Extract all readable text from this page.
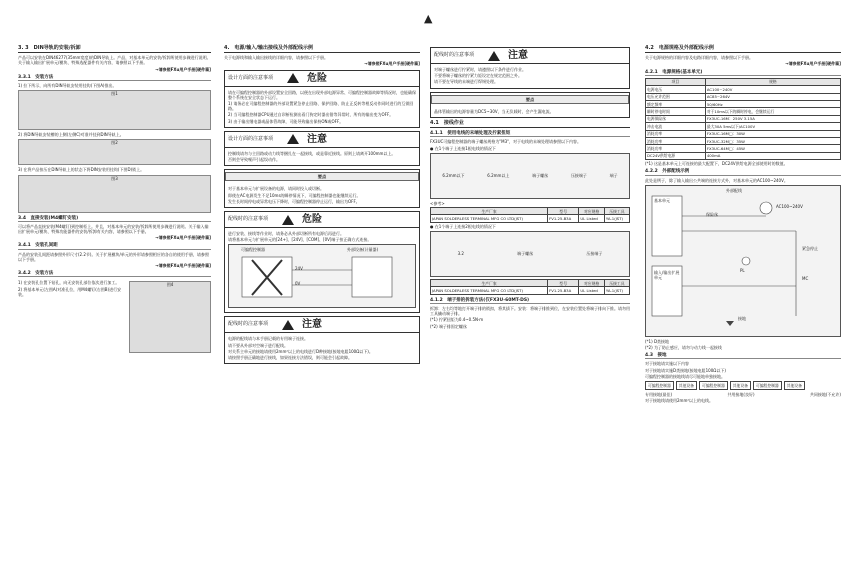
▲
3. 3　DIN导轨的安装/拆卸
产品可以安装在DIN46277(35mm宽度)的DIN导轨上。产品，对基本单元的安装/拆卸所使用步骤进行说明。关于输入输出扩展单元/模块、特殊选配器件有关内容，请参照以下手册。
→请参照FXu用户手册[硬件篇]
3.3.1　安装方法
1) 拉下所示，向所有DIN导轨安装用挂钩(下图A)推出。
图1
2) 将DIN导轨安装槽的上侧(左侧C)对准并挂到DIN导轨上。
图2
3) 在将产品按压在DIN导轨上的状态下将DIN安装用挂钩(下图D)锁上。
图3
3.4　直接安装(M4螺钉安装)
可以将产品直接安装(M4螺钉)到控制柜上。并且，对基本单元的安装/拆卸所使用步骤进行说明。关于输入输出扩展单元/模块、特殊功能器件的安装/拆卸有关内容，请参照以下手册。
→请参照FXu用户手册[硬件篇]
3.4.1　安装孔间距
产品的安装孔间距请参照外形尺寸(2.2节)。关于扩展模块/单元的外形请参照相应的各自的使用手册，请参照以下手册。
→请参照FXu用户手册[硬件篇]
3.4.2　安装方法
1) 在安装孔位置下钻孔，向无安装孔部位依次进行加工。
2) 将基本单元(左图A)对准孔位，用M4螺钉(右图B)进行安装。
图4
4.　电源/输入/输出接线及外部配线示例
关于电源线和输入输出接线的详细内容，请参照以下手册。
→请参照FXu用户手册[硬件篇]
设计方面的注意事项	危险
请在可编程控制器的外部设置安全回路，以便在出现外部电源异常、可编程控制器故障等情况时，也能确保整个系统在安全状态下运行。
1) 请务必在可编程控制器的外部设置紧急停止回路、保护回路、防止正反转等相反动作同时进行的互锁回路。
2) 当可编程控制器CPU通过自诊断检测出看门狗定时器出错等异常时，所有的输出变为OFF。
3) 由于输出继电器或晶体管故障，可能导致输出保持ON或OFF。
设计方面的注意事项	注意
控制线请勿与主回路或动力线等捆扎在一起接线，或是靠近接线。原则上请离开100mm以上。
否则会导致噪声引起误动作。
要点
对于基本单元与扩展设备的电源，请同时投入或切断。
即使在AC电源发生不足10ms的瞬停情况下，可编程控制器也能继续运行。
发生长时间停电或异常电压下降时，可编程控制器停止运行，输出为OFF。
配线时的注意事项	危险
进行安装、接线等作业时，请务必从外部切断所有电源后再进行。
请将基本单元与扩展单元的[24+]、[24V]、[COM]、[0V]端子按正确方式连接。
可编程控制器	外部设备(计量器)
24V
0V
配线时的注意事项	注意
电源的配线请与本手册记载的专用端子连接。
请不要从外部对空端子进行配线。
对关系主单元的接地请使用2mm²以上的电线进行D种接地(接地电阻100Ω以下)。
请按照手册正确地进行接线，如果连接方法错误，则可能会引起故障。
配线时的注意事项	注意
对端子螺丝进行拧紧时，请遵照以下条件进行作业。
不要将端子螺丝的拧紧力矩设定在规定范围之外。
请不要在导线的末端进行焊锡处理。
要点
晶体管输出的电源容量为DC5~30V，当无负载时，会产生漏电流。
4.1　接线作业
4.1.1　使用电线的末端处理及拧紧扭矩
FX3UC可编程控制器的端子螺丝规格为"M3"，对于电线的末端处理请参照以下内容。
● 在1个端子上连接1根电线的情况下
6.2mm以下	6.2mm以上	端子螺丝	压接端子	端子
<参考>
生产厂家	型号	对应规格	压接工具
JAPAN SOLDERLESS TERMINAL MFG CO LTD(JST)	FV1.25-B3A	UL Listed	YA-1(JST)
● 在1个端子上连接2根电线的情况下
3.2	端子螺丝	压接端子
生产厂家	型号	对应规格	压接工具
JAPAN SOLDERLESS TERMINAL MFG CO LTD(JST)	FV1.25-B3A	UL Listed	YA-1(JST)
4.1.2　端子排的拆装方法(仅FX3U-60MT-DS)
拆卸：左右均等地打开端子排的锁扣，将其拔下。安装：将端子排推到位，在安装位置处将端子排向下推。请勿用工具撬动端子排。
(*1) 拧紧扭矩为0.4~0.5N·m
(*2) 端子排固定螺丝
4.2　电源规格及外部配线示例
关于电源规格的详细内容及电路详细内容，请参照以下手册。
→请参照FXu用户手册[硬件篇]
4.2.1　电源规格(基本单元)
项目	规格
电源电压	AC100~240V
电压允许范围	AC85~264V
额定频率	50/60Hz
瞬时停电时间	对于10ms以下的瞬时停电，会继续运行
电源保险丝	FX3UC-16M：250V 3.15A
冲击电流	最大30A 5ms以下/AC100V
消耗功率	FX3UC-16M□：30W
消耗功率	FX3UC-32M□：35W
消耗功率	FX3UC-64M□：45W
DC24V供给电源	400mA
(*1) 这是基本单元上可连接的最大配置下，DC24V供给电源全部使用时的数值。
4.2.2　外部配线示例
此处是例子，除了输入输出公共端的连接方式外，对基本单元的AC100~240V。
基本单元
外部配线
AC100~240V
保险丝
接地
输入/输出扩展单元
紧急停止
PL
MC
(*1) D类接地
(*2) 为了防止感应，请勿与动力线一起接线
4.3　接地
对于接地请实施以下内容
对于接地请实施D类接地(接地电阻100Ω以下)
可编程控制器的接地线请尽可能地单独接地。
可编程控制器	其他设备	可编程控制器	其他设备	可编程控制器	其他设备
专用接地(最佳)	共用接地(良好)	共同接地(不允许)
对于接地线请使用2mm²以上的电线。
